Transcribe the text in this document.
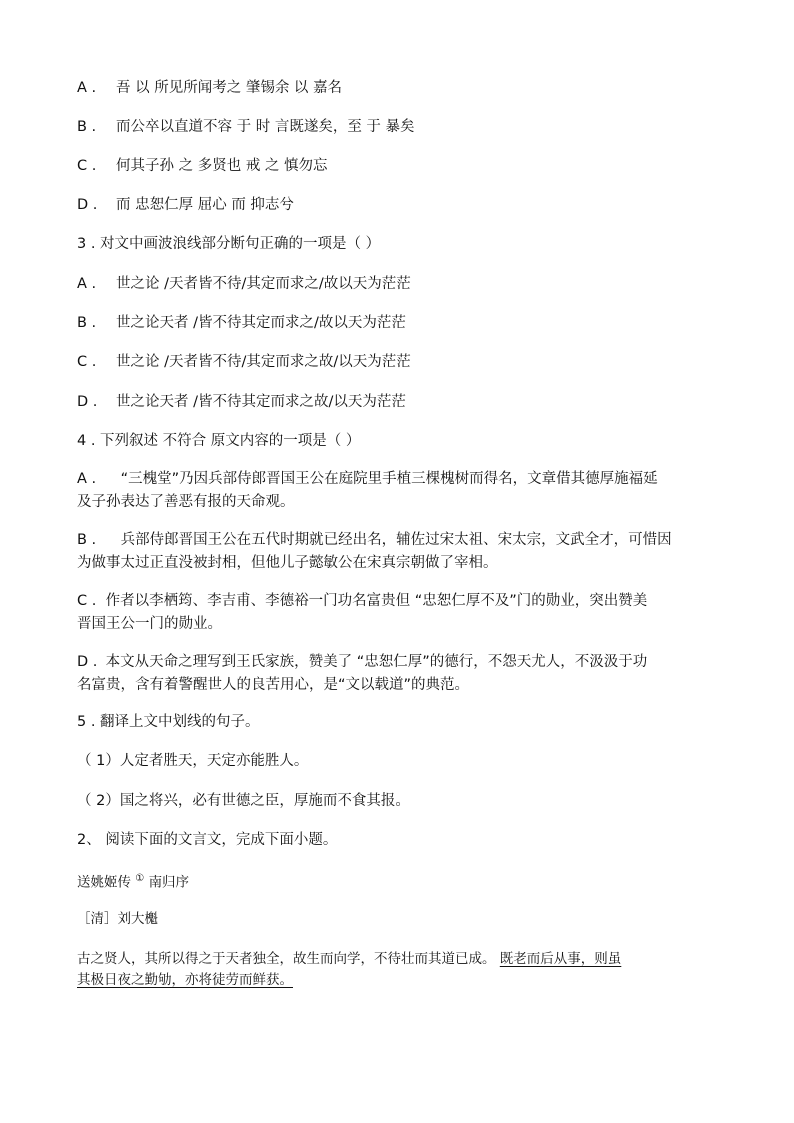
A . 吾 以 所见所闻考之 肇锡余 以 嘉名
B . 而公卒以直道不容 于 时 言既遂矣，至 于 暴矣
C . 何其子孙 之 多贤也 戒 之 慎勿忘
D . 而 忠恕仁厚 屈心 而 抑志兮
3 . 对文中画波浪线部分断句正确的一项是（ ）
A . 世之论 /天者皆不待/其定而求之/故以天为茫茫
B . 世之论天者 /皆不待其定而求之/故以天为茫茫
C . 世之论 /天者皆不待/其定而求之故/以天为茫茫
D . 世之论天者 /皆不待其定而求之故/以天为茫茫
4 . 下列叙述 不符合 原文内容的一项是（ ）
A . “三槐堂”乃因兵部侍郎晋国王公在庭院里手植三棵槐树而得名，文章借其德厚施福延
及子孙表达了善恶有报的天命观。
B . 兵部侍郎晋国王公在五代时期就已经出名，辅佐过宋太祖、宋太宗，文武全才，可惜因
为做事太过正直没被封相，但他儿子懿敏公在宋真宗朝做了宰相。
C . 作者以李栖筠、李吉甫、李德裕一门功名富贵但 “忠恕仁厚不及”门的勋业，突出赞美
晋国王公一门的勋业。
D . 本文从天命之理写到王氏家族，赞美了 “忠恕仁厚”的德行，不怨天尤人，不汲汲于功
名富贵，含有着警醒世人的良苦用心，是“文以载道”的典范。
5 . 翻译上文中划线的句子。
（ 1）人定者胜天，天定亦能胜人。
（ 2）国之将兴，必有世德之臣，厚施而不食其报。
2、 阅读下面的文言文，完成下面小题。
送姚姬传 ① 南归序
［清］刘大櫆
古之贤人，其所以得之于天者独全，故生而向学，不待壮而其道已成。 既老而后从事，则虽
其极日夜之勤劬，亦将徒劳而鲜获。
